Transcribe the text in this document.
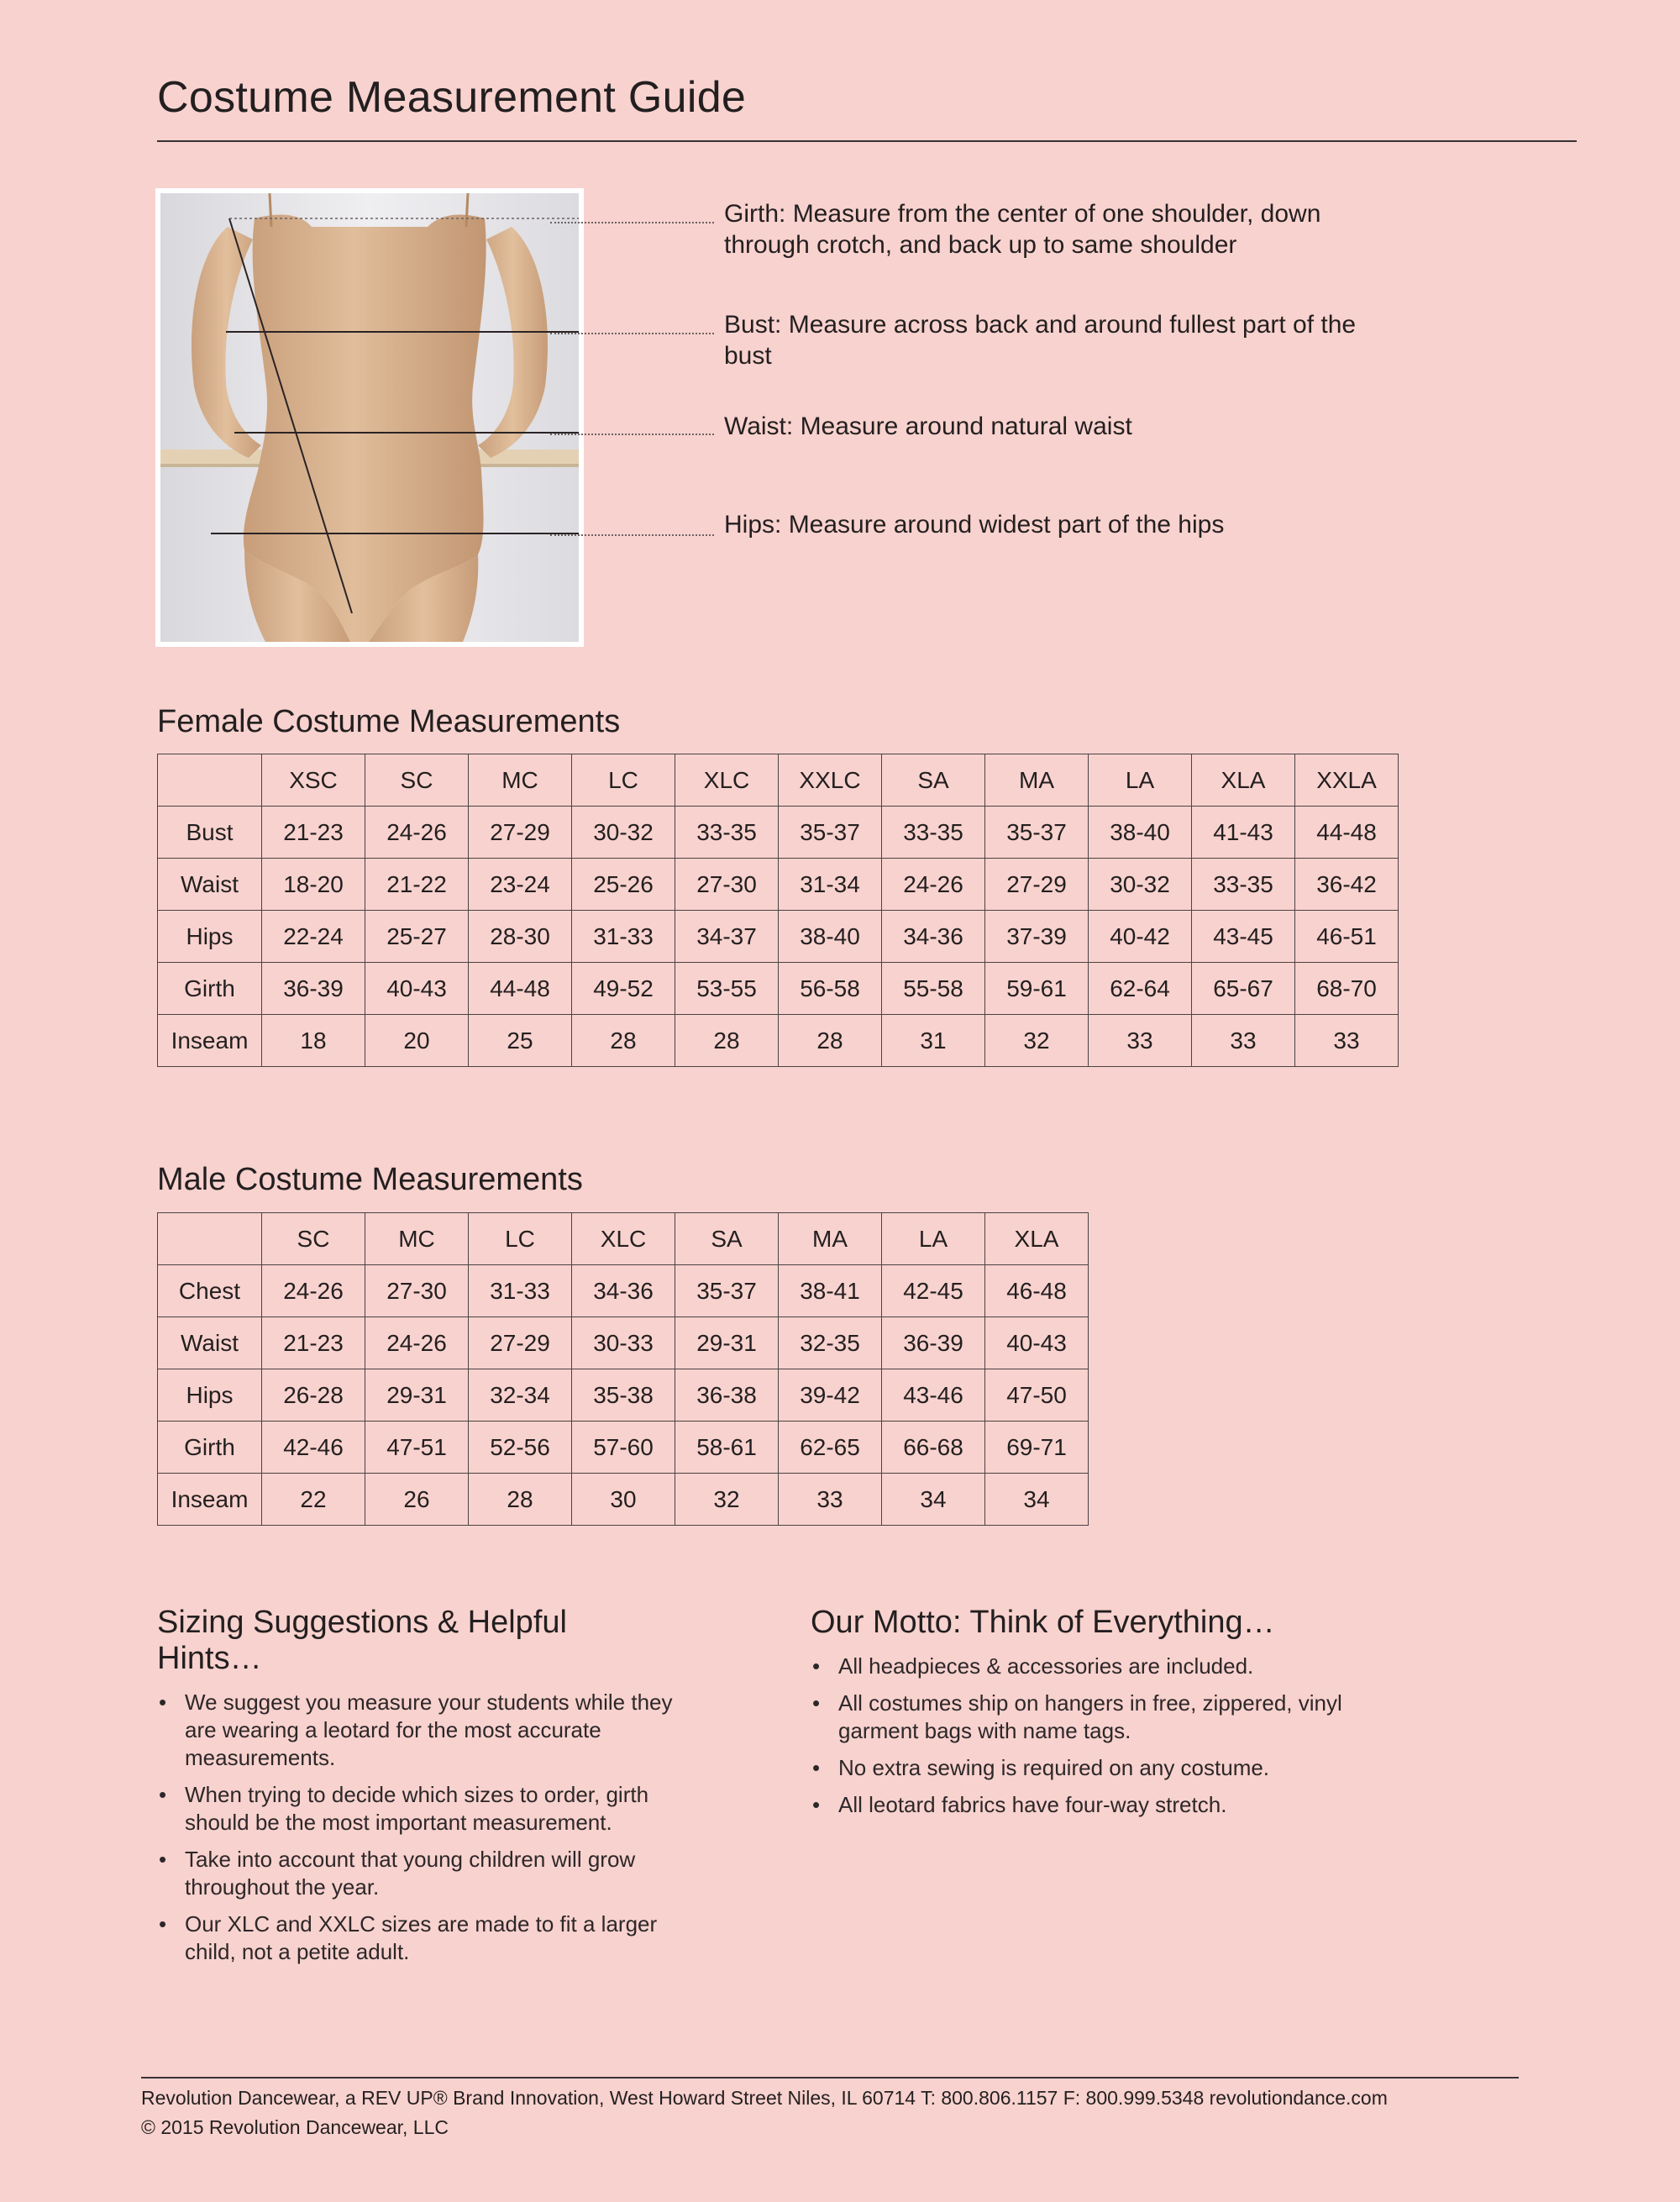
Costume Measurement Guide
Girth: Measure from the center of one shoulder, down through crotch, and back up to same shoulder
Bust: Measure across back and around fullest part of the bust
Waist: Measure around natural waist
Hips: Measure around widest part of the hips
Female Costume Measurements
	XSC	SC	MC	LC	XLC	XXLC	SA	MA	LA	XLA	XXLA
Bust	21-23	24-26	27-29	30-32	33-35	35-37	33-35	35-37	38-40	41-43	44-48
Waist	18-20	21-22	23-24	25-26	27-30	31-34	24-26	27-29	30-32	33-35	36-42
Hips	22-24	25-27	28-30	31-33	34-37	38-40	34-36	37-39	40-42	43-45	46-51
Girth	36-39	40-43	44-48	49-52	53-55	56-58	55-58	59-61	62-64	65-67	68-70
Inseam	18	20	25	28	28	28	31	32	33	33	33
Male Costume Measurements
	SC	MC	LC	XLC	SA	MA	LA	XLA
Chest	24-26	27-30	31-33	34-36	35-37	38-41	42-45	46-48
Waist	21-23	24-26	27-29	30-33	29-31	32-35	36-39	40-43
Hips	26-28	29-31	32-34	35-38	36-38	39-42	43-46	47-50
Girth	42-46	47-51	52-56	57-60	58-61	62-65	66-68	69-71
Inseam	22	26	28	30	32	33	34	34
Sizing Suggestions & Helpful Hints…
• We suggest you measure your students while they are wearing a leotard for the most accurate measurements.
• When trying to decide which sizes to order, girth should be the most important measurement.
• Take into account that young children will grow throughout the year.
• Our XLC and XXLC sizes are made to fit a larger child, not a petite adult.
Our Motto: Think of Everything…
• All headpieces & accessories are included.
• All costumes ship on hangers in free, zippered, vinyl garment bags with name tags.
• No extra sewing is required on any costume.
• All leotard fabrics have four-way stretch.
Revolution Dancewear, a REV UP® Brand Innovation, West Howard Street Niles, IL 60714 T: 800.806.1157 F: 800.999.5348 revolutiondance.com
© 2015 Revolution Dancewear, LLC
